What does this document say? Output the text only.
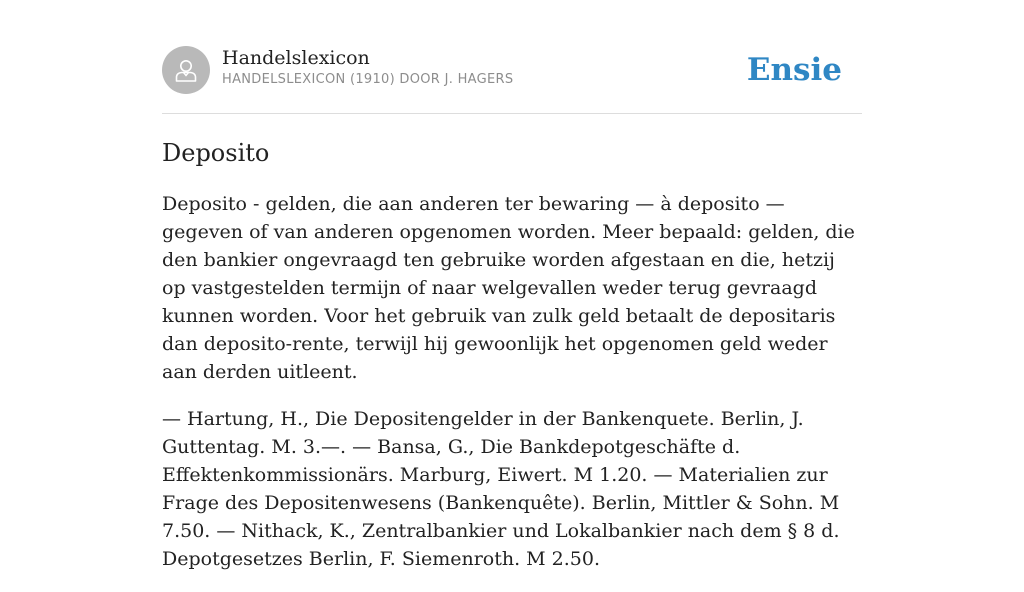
Handelslexicon
HANDELSLEXICON (1910) DOOR J. HAGERS	Ensie
Deposito

Deposito - gelden, die aan anderen ter bewaring — à deposito — gegeven of van anderen opgenomen worden. Meer bepaald: gelden, die den bankier ongevraagd ten gebruike worden afgestaan en die, hetzij op vastgestelden termijn of naar welgevallen weder terug gevraagd kunnen worden. Voor het gebruik van zulk geld betaalt de depositaris dan deposito-rente, terwijl hij gewoonlijk het opgenomen geld weder aan derden uitleent.

— Hartung, H., Die Depositengelder in der Bankenquete. Berlin, J. Guttentag. M. 3.—. — Bansa, G., Die Bankdepotgeschäfte d. Effektenkommissionärs. Marburg, Eiwert. M 1.20. — Materialien zur Frage des Depositenwesens (Bankenquête). Berlin, Mittler & Sohn. M 7.50. — Nithack, K., Zentralbankier und Lokalbankier nach dem § 8 d. Depotgesetzes Berlin, F. Siemenroth. M 2.50.
